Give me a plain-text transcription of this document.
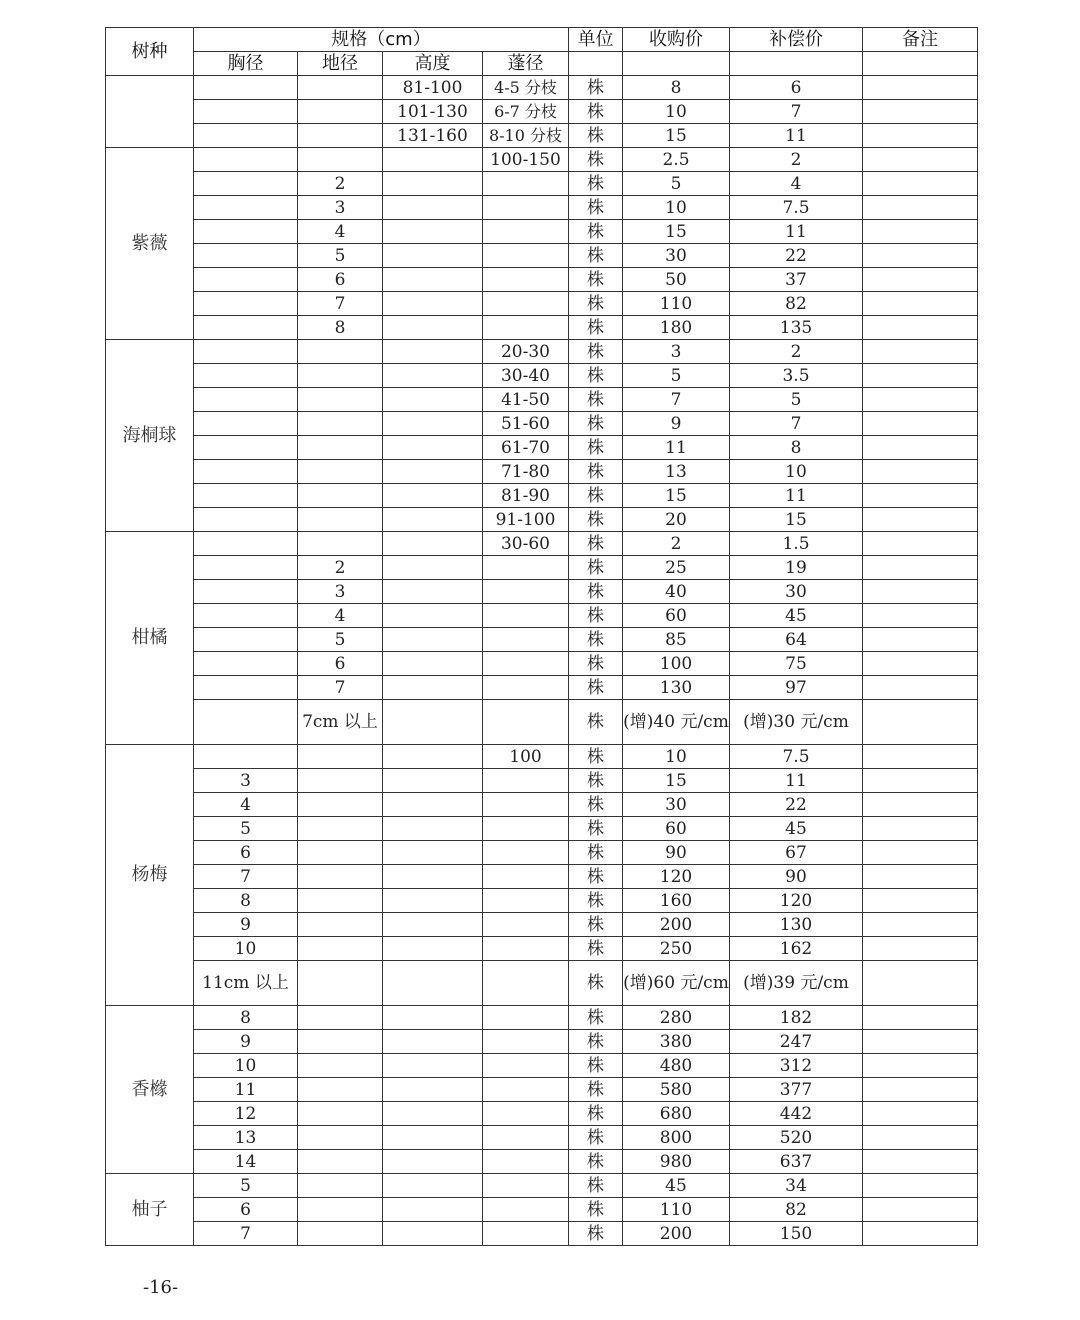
树种	规格（cm）				单位	收购价	补偿价	备注
	胸径	地径	高度	蓬径				
			81-100	4-5 分枝	株	8	6	
			101-130	6-7 分枝	株	10	7	
			131-160	8-10 分枝	株	15	11	
紫薇				100-150	株	2.5	2	
		2			株	5	4	
		3			株	10	7.5	
		4			株	15	11	
		5			株	30	22	
		6			株	50	37	
		7			株	110	82	
		8			株	180	135	
海桐球				20-30	株	3	2	
				30-40	株	5	3.5	
				41-50	株	7	5	
				51-60	株	9	7	
				61-70	株	11	8	
				71-80	株	13	10	
				81-90	株	15	11	
				91-100	株	20	15	
柑橘				30-60	株	2	1.5	
		2			株	25	19	
		3			株	40	30	
		4			株	60	45	
		5			株	85	64	
		6			株	100	75	
		7			株	130	97	
		7cm 以上			株	(增)40 元/cm	(增)30 元/cm	
杨梅				100	株	10	7.5	
	3				株	15	11	
	4				株	30	22	
	5				株	60	45	
	6				株	90	67	
	7				株	120	90	
	8				株	160	120	
	9				株	200	130	
	10				株	250	162	
	11cm 以上				株	(增)60 元/cm	(增)39 元/cm	
香橼	8				株	280	182	
	9				株	380	247	
	10				株	480	312	
	11				株	580	377	
	12				株	680	442	
	13				株	800	520	
	14				株	980	637	
柚子	5				株	45	34	
	6				株	110	82	
	7				株	200	150	
-16-
